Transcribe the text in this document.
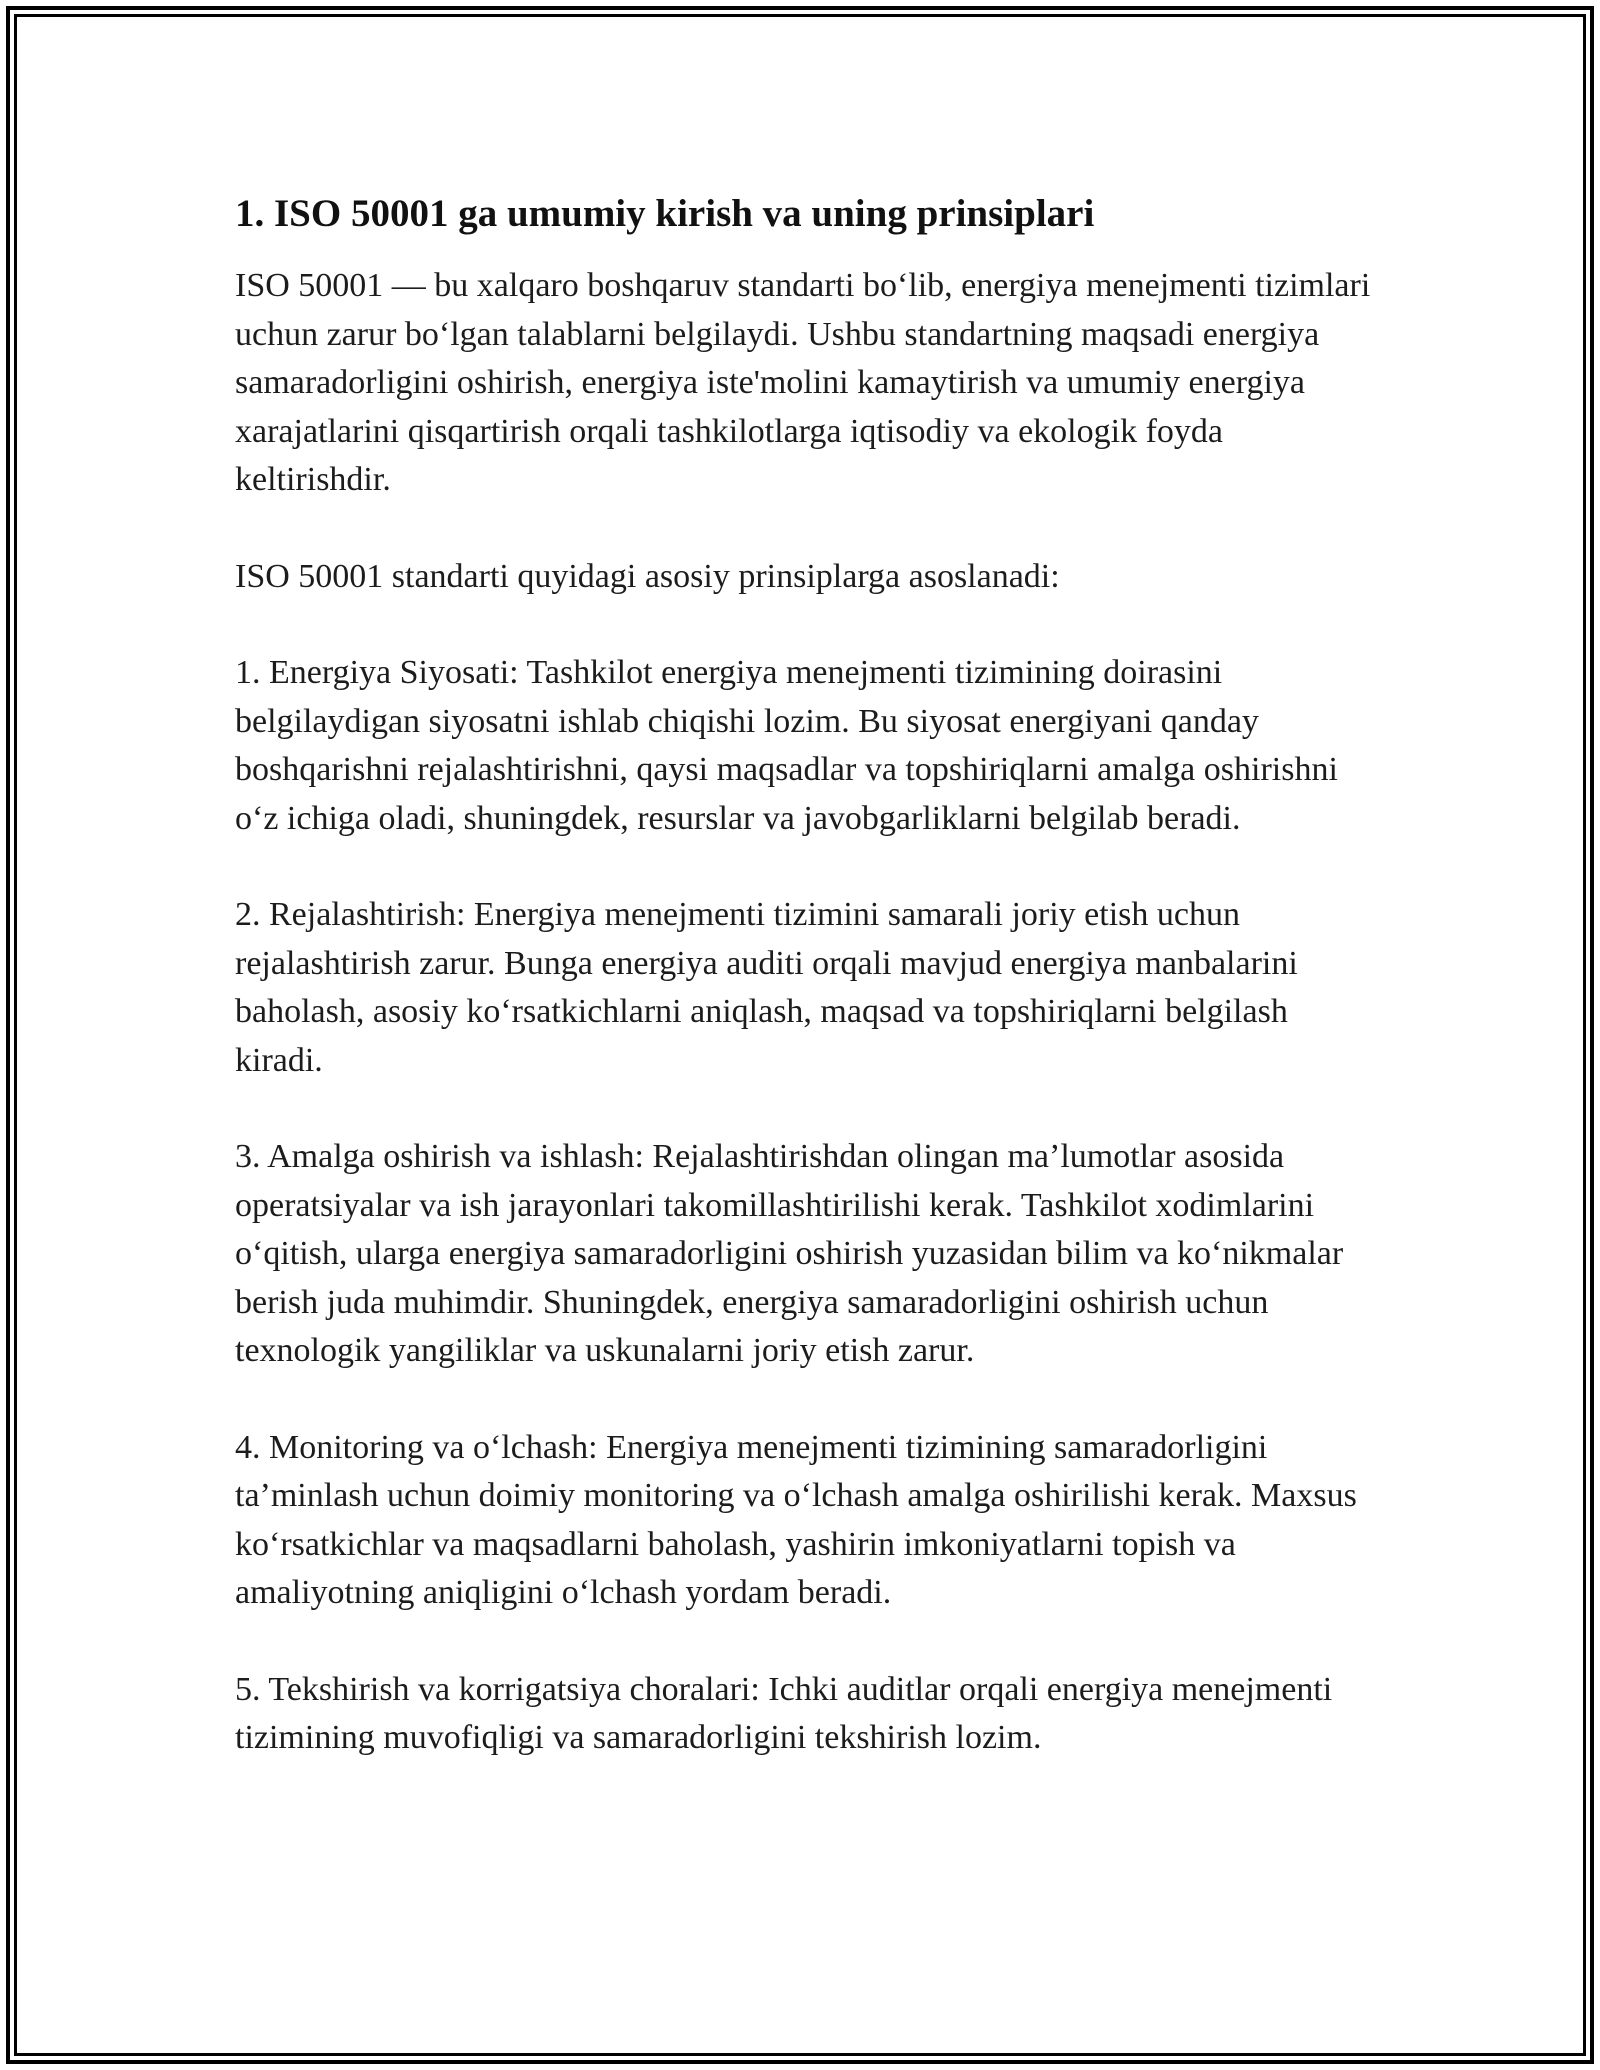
1. ISO 50001 ga umumiy kirish va uning prinsiplari

ISO 50001 — bu xalqaro boshqaruv standarti bo‘lib, energiya menejmenti tizimlari uchun zarur bo‘lgan talablarni belgilaydi. Ushbu standartning maqsadi energiya samaradorligini oshirish, energiya iste'molini kamaytirish va umumiy energiya xarajatlarini qisqartirish orqali tashkilotlarga iqtisodiy va ekologik foyda keltirishdir.

ISO 50001 standarti quyidagi asosiy prinsiplarga asoslanadi:

1. Energiya Siyosati: Tashkilot energiya menejmenti tizimining doirasini belgilaydigan siyosatni ishlab chiqishi lozim. Bu siyosat energiyani qanday boshqarishni rejalashtirishni, qaysi maqsadlar va topshiriqlarni amalga oshirishni o‘z ichiga oladi, shuningdek, resurslar va javobgarliklarni belgilab beradi.

2. Rejalashtirish: Energiya menejmenti tizimini samarali joriy etish uchun rejalashtirish zarur. Bunga energiya auditi orqali mavjud energiya manbalarini baholash, asosiy ko‘rsatkichlarni aniqlash, maqsad va topshiriqlarni belgilash kiradi.

3. Amalga oshirish va ishlash: Rejalashtirishdan olingan ma’lumotlar asosida operatsiyalar va ish jarayonlari takomillashtirilishi kerak. Tashkilot xodimlarini o‘qitish, ularga energiya samaradorligini oshirish yuzasidan bilim va ko‘nikmalar berish juda muhimdir. Shuningdek, energiya samaradorligini oshirish uchun texnologik yangiliklar va uskunalarni joriy etish zarur.

4. Monitoring va o‘lchash: Energiya menejmenti tizimining samaradorligini ta’minlash uchun doimiy monitoring va o‘lchash amalga oshirilishi kerak. Maxsus ko‘rsatkichlar va maqsadlarni baholash, yashirin imkoniyatlarni topish va amaliyotning aniqligini o‘lchash yordam beradi.

5. Tekshirish va korrigatsiya choralari: Ichki auditlar orqali energiya menejmenti tizimining muvofiqligi va samaradorligini tekshirish lozim.
